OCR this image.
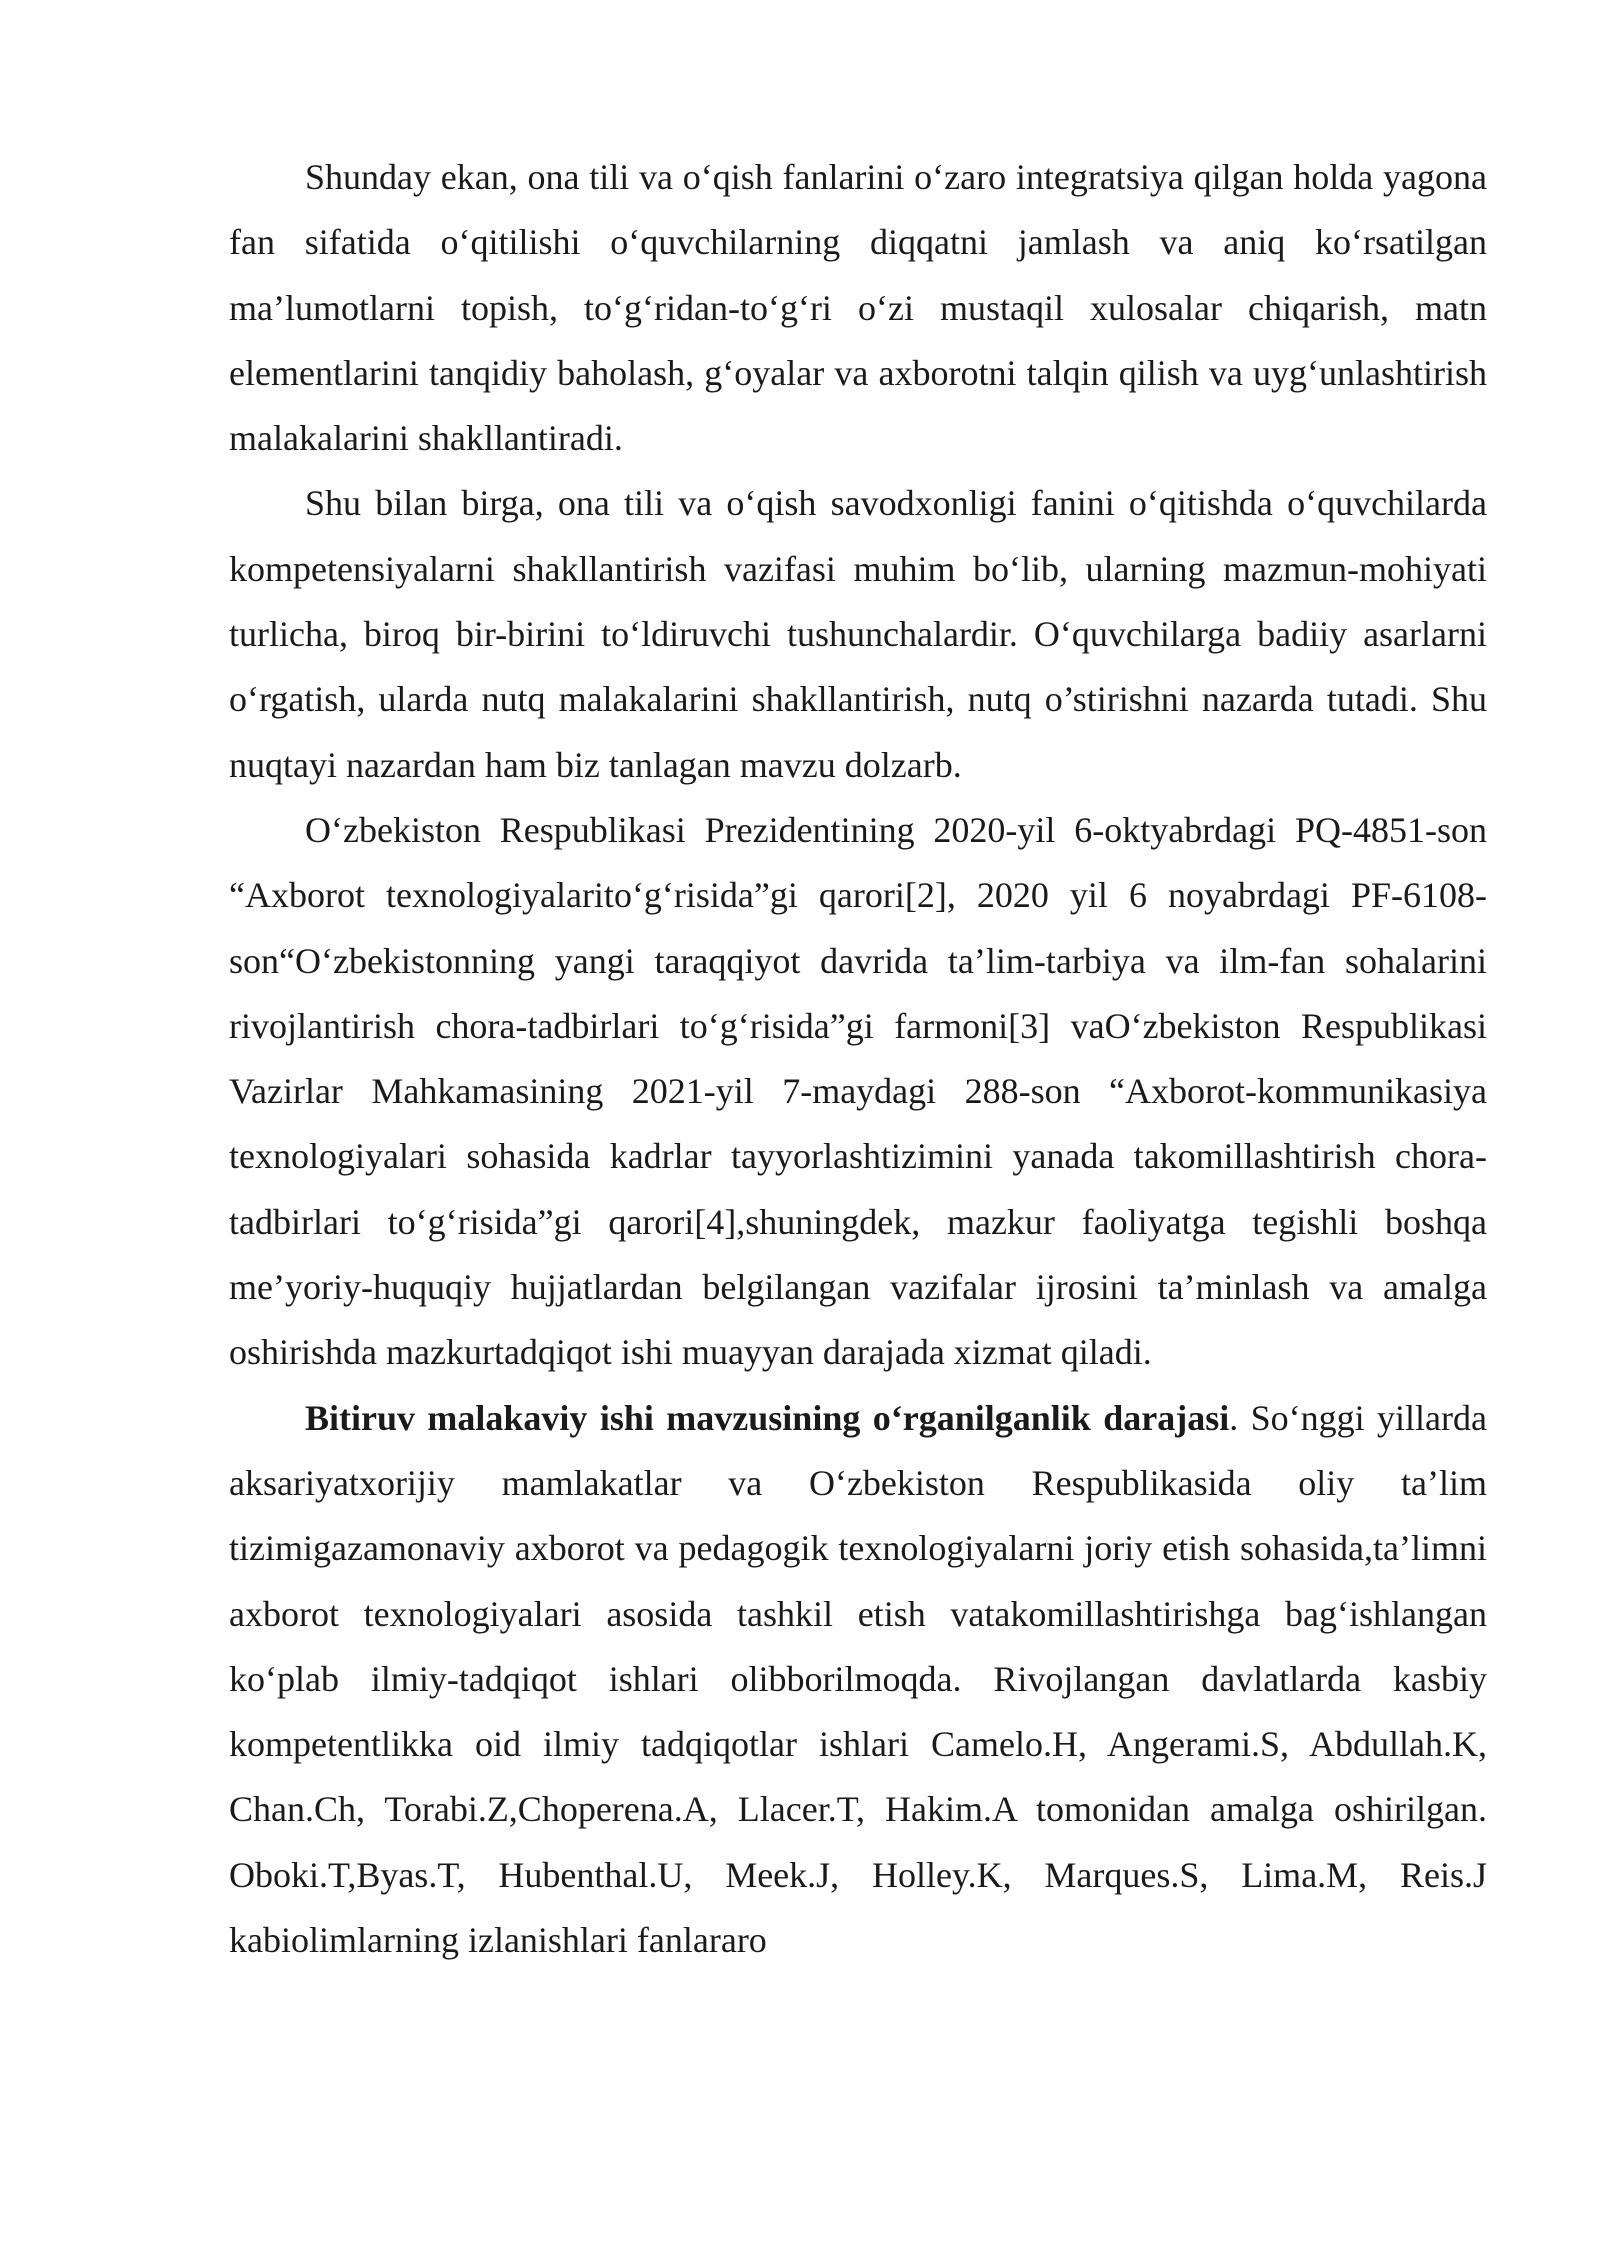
Shunday ekan, ona tili va o‘qish fanlarini o‘zaro integratsiya qilgan holda yagona fan sifatida o‘qitilishi o‘quvchilarning diqqatni jamlash va aniq ko‘rsatilgan ma’lumotlarni topish, to‘g‘ridan-to‘g‘ri o‘zi mustaqil xulosalar chiqarish, matn elementlarini tanqidiy baholash, g‘oyalar va axborotni talqin qilish va uyg‘unlashtirish malakalarini shakllantiradi.

Shu bilan birga, ona tili va o‘qish savodxonligi fanini o‘qitishda o‘quvchilarda kompetensiyalarni shakllantirish vazifasi muhim bo‘lib, ularning mazmun-mohiyati turlicha, biroq bir-birini to‘ldiruvchi tushunchalardir. O‘quvchilarga badiiy asarlarni o‘rgatish, ularda nutq malakalarini shakllantirish, nutq o’stirishni nazarda tutadi. Shu nuqtayi nazardan ham biz tanlagan mavzu dolzarb.

O‘zbekiston Respublikasi Prezidentining 2020-yil 6-oktyabrdagi PQ-4851-son “Axborot texnologiyalarito‘g‘risida”gi qarori[2], 2020 yil 6 noyabrdagi PF-6108-son“O‘zbekistonning yangi taraqqiyot davrida ta’lim-tarbiya va ilm-fan sohalarini rivojlantirish chora-tadbirlari to‘g‘risida”gi farmoni[3] vaO‘zbekiston Respublikasi Vazirlar Mahkamasining 2021-yil 7-maydagi 288-son “Axborot-kommunikasiya texnologiyalari sohasida kadrlar tayyorlashtizimini yanada takomillashtirish chora-tadbirlari to‘g‘risida”gi qarori[4],shuningdek, mazkur faoliyatga tegishli boshqa me’yoriy-huquqiy hujjatlardan belgilangan vazifalar ijrosini ta’minlash va amalga oshirishda mazkurtadqiqot ishi muayyan darajada xizmat qiladi.

Bitiruv malakaviy ishi mavzusining o‘rganilganlik darajasi. So‘nggi yillarda aksariyatxorijiy mamlakatlar va O‘zbekiston Respublikasida oliy ta’lim tizimigazamonaviy axborot va pedagogik texnologiyalarni joriy etish sohasida,ta’limni axborot texnologiyalari asosida tashkil etish vatakomillashtirishga bag‘ishlangan ko‘plab ilmiy-tadqiqot ishlari olibborilmoqda. Rivojlangan davlatlarda kasbiy kompetentlikka oid ilmiy tadqiqotlar ishlari Camelo.H, Angerami.S, Abdullah.K, Chan.Ch, Torabi.Z,Choperena.A, Llacer.T, Hakim.A tomonidan amalga oshirilgan. Oboki.T,Byas.T, Hubenthal.U, Meek.J, Holley.K, Marques.S, Lima.M, Reis.J kabiolimlarning izlanishlari fanlararo
